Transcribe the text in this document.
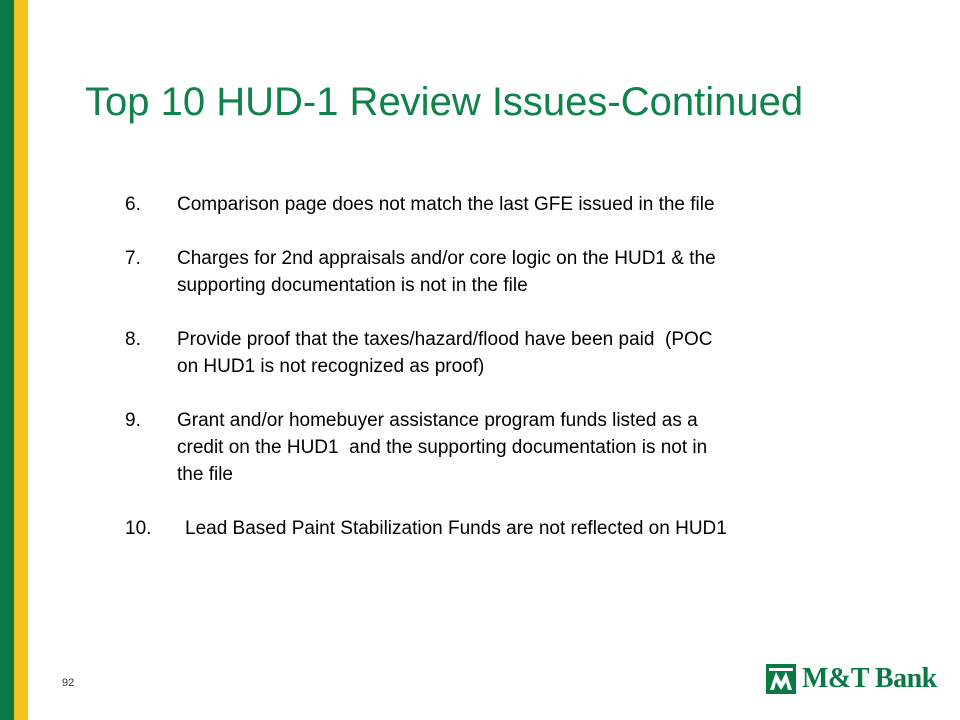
Top 10 HUD-1 Review Issues-Continued
6.	Comparison page does not match the last GFE issued in the file
7.	Charges for 2nd appraisals and/or core logic on the HUD1 & the
supporting documentation is not in the file
8.	Provide proof that the taxes/hazard/flood have been paid  (POC
on HUD1 is not recognized as proof)
9.	Grant and/or homebuyer assistance program funds listed as a
credit on the HUD1  and the supporting documentation is not in
the file
10.	Lead Based Paint Stabilization Funds are not reflected on HUD1
92	M&T Bank
